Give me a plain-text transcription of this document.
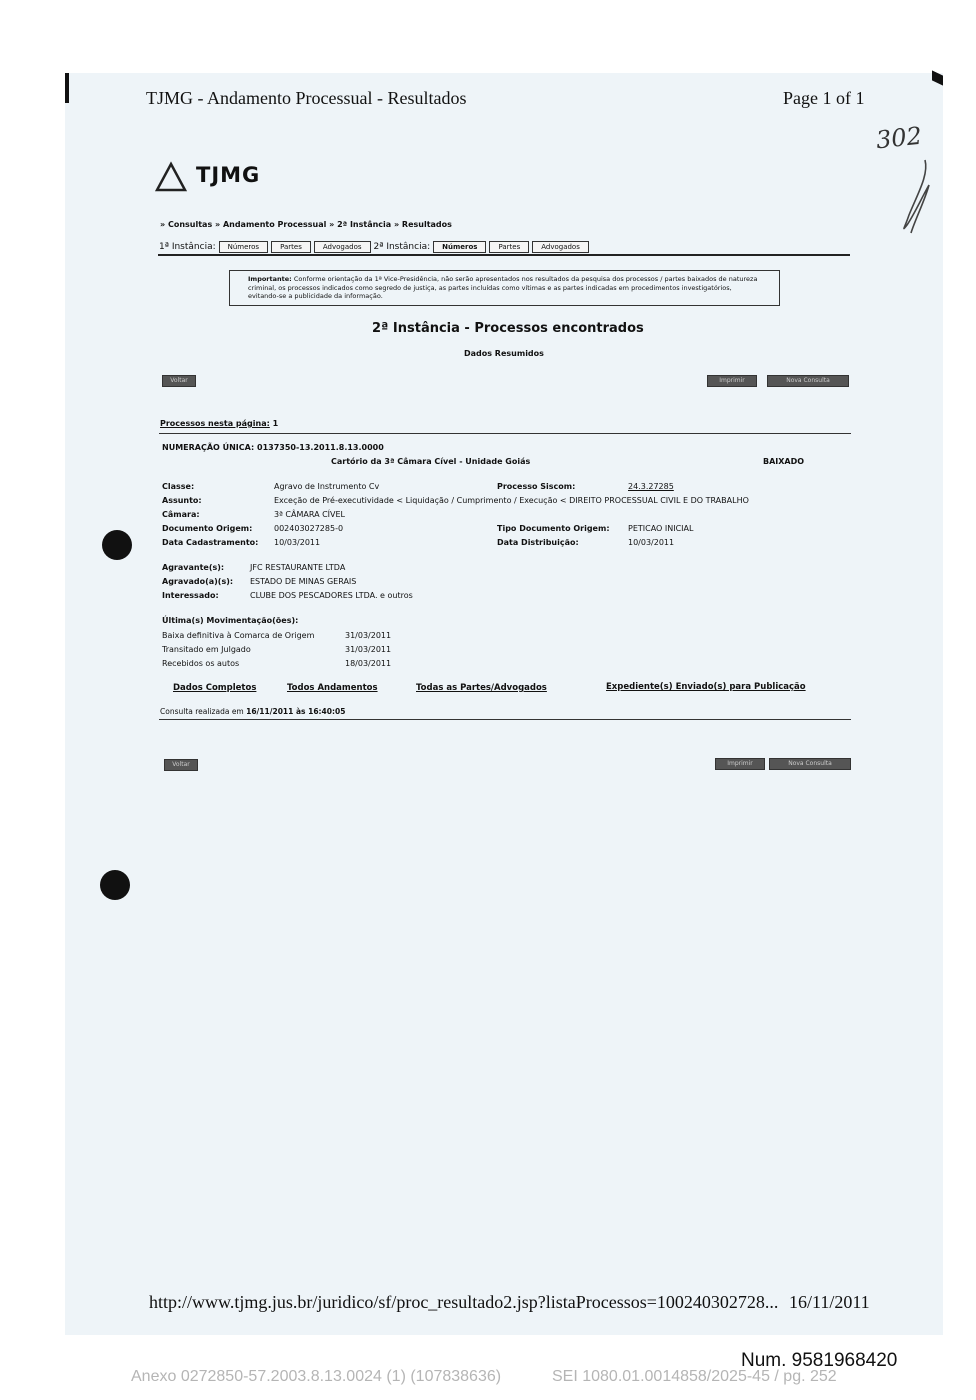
TJMG - Andamento Processual - Resultados	Page 1 of 1
302
TJMG
» Consultas » Andamento Processual » 2ª Instância » Resultados
1ª Instância:	Números	Partes	Advogados	2ª Instância:	Números	Partes	Advogados
Importante: Conforme orientação da 1ª Vice-Presidência, não serão apresentados nos resultados da pesquisa dos processos / partes baixados de natureza criminal, os processos indicados como segredo de justiça, as partes incluídas como vítimas e as partes indicadas em procedimentos investigatórios, evitando-se a publicidade da informação.
2ª Instância - Processos encontrados
Dados Resumidos
Voltar	Imprimir	Nova Consulta
Processos nesta página: 1
NUMERAÇÃO ÚNICA: 0137350-13.2011.8.13.0000
Cartório da 3ª Câmara Cível - Unidade Goiás	BAIXADO
Classe:	Agravo de Instrumento Cv
Assunto:	Exceção de Pré-executividade < Liquidação / Cumprimento / Execução < DIREITO PROCESSUAL CIVIL E DO TRABALHO
Câmara:	3ª CÂMARA CÍVEL
Documento Origem:	002403027285-0
Data Cadastramento: 10/03/2011
Processo Siscom:	24.3.27285
Tipo Documento Origem: PETICAO INICIAL
Data Distribuição:	10/03/2011
Agravante(s):	JFC RESTAURANTE LTDA
Agravado(a)(s): ESTADO DE MINAS GERAIS
Interessado:	CLUBE DOS PESCADORES LTDA. e outros
Última(s) Movimentação(ões):
Baixa definitiva à Comarca de Origem	31/03/2011
Transitado em Julgado	31/03/2011
Recebidos os autos	18/03/2011
Dados Completos	Todos Andamentos	Todas as Partes/Advogados	Expediente(s) Enviado(s) para Publicação
Consulta realizada em 16/11/2011 às 16:40:05
Voltar	Imprimir	Nova Consulta
http://www.tjmg.jus.br/juridico/sf/proc_resultado2.jsp?listaProcessos=100240302728... 16/11/2011
Num. 9581968420
Anexo 0272850-57.2003.8.13.0024 (1) (107838636)	SEI 1080.01.0014858/2025-45 / pg. 252
